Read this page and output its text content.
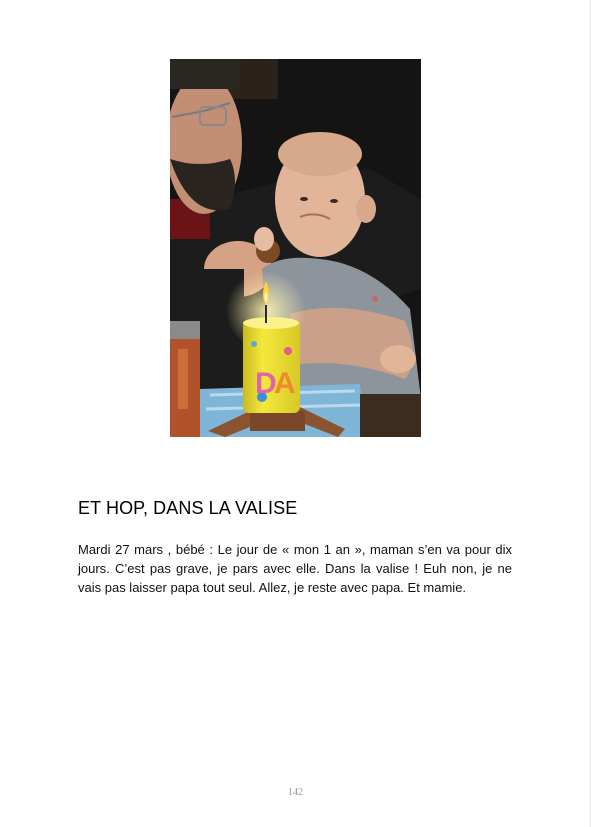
D
A
ET HOP, DANS LA VALISE

Mardi 27 mars , bébé : Le jour de « mon 1 an », maman s’en va pour dix jours. C’est pas grave, je pars avec elle. Dans la valise ! Euh non, je ne vais pas laisser papa tout seul. Allez, je reste avec papa. Et mamie.

142
